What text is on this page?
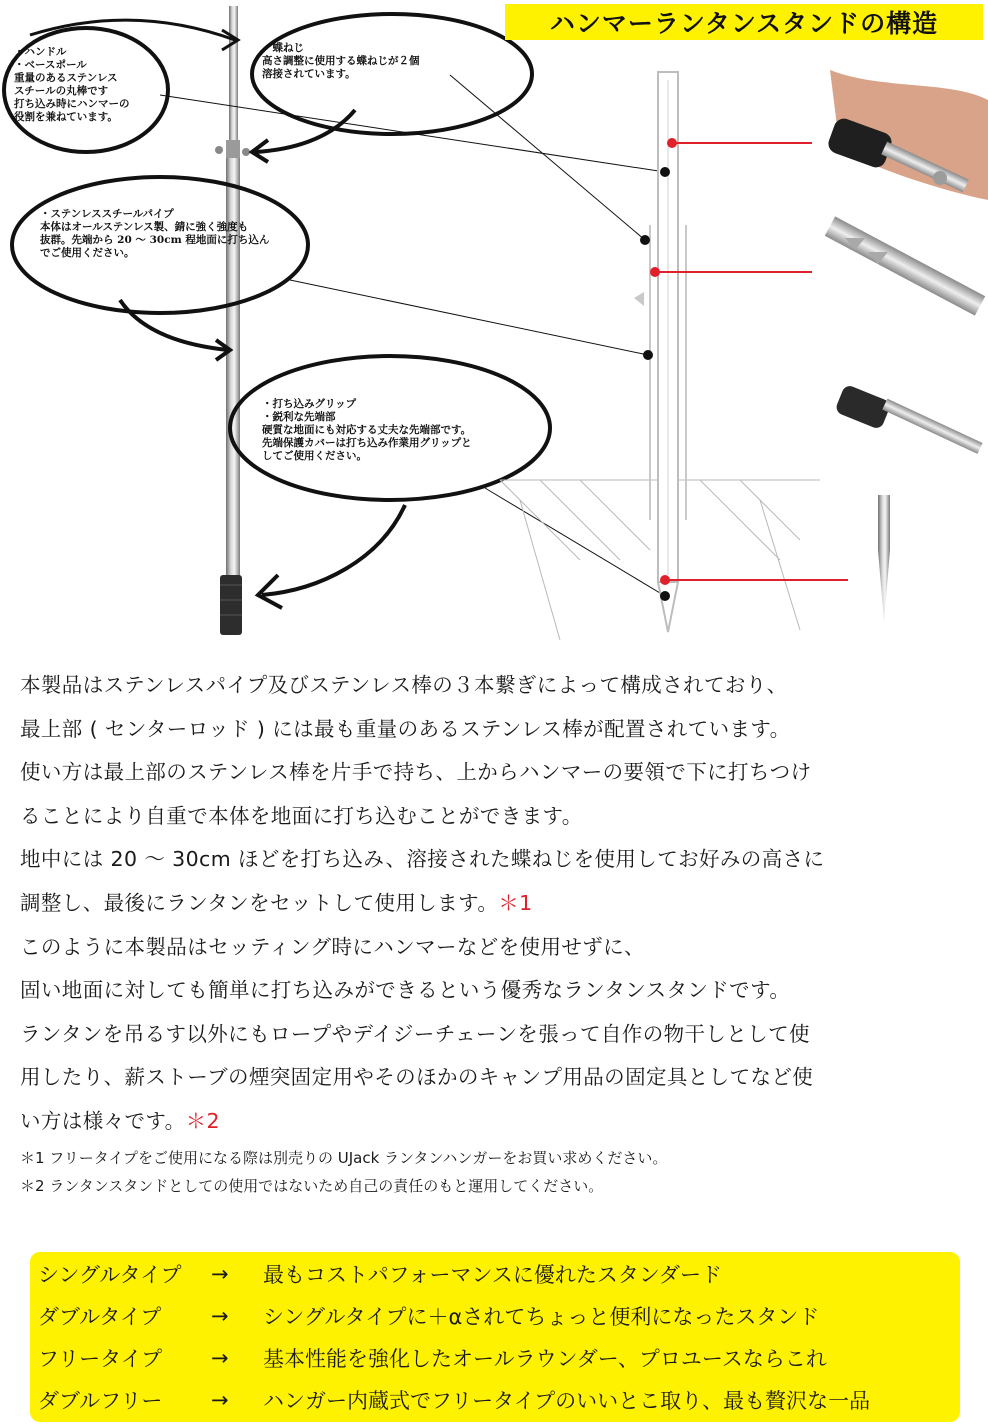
ハンマーランタンスタンドの構造
・ハンドル
・ベースポール
重量のあるステンレス
スチールの丸棒です
打ち込み時にハンマーの
役割を兼ねています。
・蝶ねじ
高さ調整に使用する蝶ねじが２個
溶接されています。
・ステンレススチールパイプ
本体はオールステンレス製、錆に強く強度も
抜群。先端から 20 ～ 30cm 程地面に打ち込ん
でご使用ください。
・打ち込みグリップ
・鋭利な先端部
硬質な地面にも対応する丈夫な先端部です。
先端保護カバーは打ち込み作業用グリップと
してご使用ください。
本製品はステンレスパイプ及びステンレス棒の３本繋ぎによって構成されており、
最上部 ( センターロッド ) には最も重量のあるステンレス棒が配置されています。
使い方は最上部のステンレス棒を片手で持ち、上からハンマーの要領で下に打ちつけ
ることにより自重で本体を地面に打ち込むことができます。
地中には 20 ～ 30cm ほどを打ち込み、溶接された蝶ねじを使用してお好みの高さに
調整し、最後にランタンをセットして使用します。＊1
このように本製品はセッティング時にハンマーなどを使用せずに、
固い地面に対しても簡単に打ち込みができるという優秀なランタンスタンドです。
ランタンを吊るす以外にもロープやデイジーチェーンを張って自作の物干しとして使
用したり、薪ストーブの煙突固定用やそのほかのキャンプ用品の固定具としてなど使
い方は様々です。＊2
＊1 フリータイプをご使用になる際は別売りの UJack ランタンハンガーをお買い求めください。
＊2 ランタンスタンドとしての使用ではないため自己の責任のもと運用してください。
シングルタイプ	→	最もコストパフォーマンスに優れたスタンダード
ダブルタイプ	→	シングルタイプに＋αされてちょっと便利になったスタンド
フリータイプ	→	基本性能を強化したオールラウンダー、プロユースならこれ
ダブルフリー	→	ハンガー内蔵式でフリータイプのいいとこ取り、最も贅沢な一品
